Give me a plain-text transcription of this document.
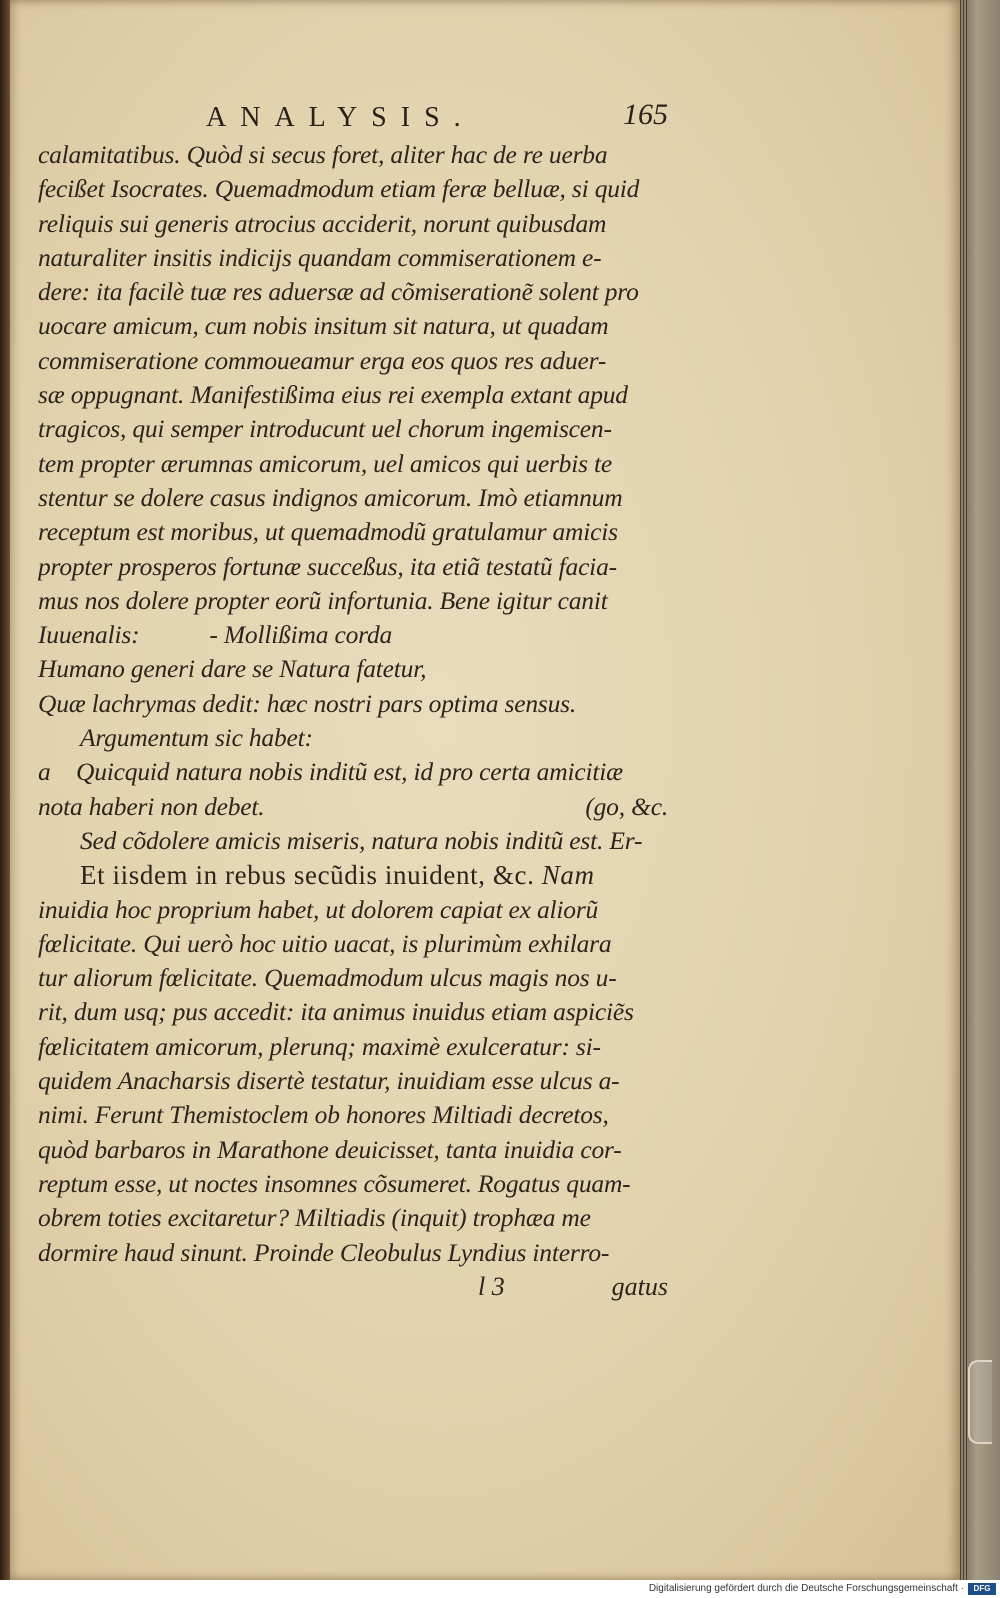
ANALYSIS.	165
calamitatibus. Quòd si secus foret, aliter hac de re uerba
fecißet Isocrates. Quemadmodum etiam feræ belluæ, si quid
reliquis sui generis atrocius acciderit, norunt quibusdam
naturaliter insitis indicijs quandam commiserationem e-
dere: ita facilè tuæ res aduersæ ad cõmiseratione͂ solent pro
uocare amicum, cum nobis insitum sit natura, ut quadam
commiseratione commoueamur erga eos quos res aduer-
sæ oppugnant. Manifestißima eius rei exempla extant apud
tragicos, qui semper introducunt uel chorum ingemiscen-
tem propter ærumnas amicorum, uel amicos qui uerbis te
stentur se dolere casus indignos amicorum. Imò etiamnum
receptum est moribus, ut quemadmodũ gratulamur amicis
propter prosperos fortunæ succeßus, ita etiã testatũ facia-
mus nos dolere propter eorũ infortunia. Bene igitur canit
Iuuenalis:	- Mollißima corda
Humano generi dare se Natura fatetur,
Quæ lachrymas dedit: hæc nostri pars optima sensus.
Argumentum sic habet:
a Quicquid natura nobis inditũ est, id pro certa amicitiæ
nota haberi non debet.	(go, &c.
Sed cõdolere amicis miseris, natura nobis inditũ est. Er-
Et iisdem in rebus secũdis inuident, &c. Nam
inuidia hoc proprium habet, ut dolorem capiat ex aliorũ
fœlicitate. Qui uerò hoc uitio uacat, is plurimùm exhilara
tur aliorum fœlicitate. Quemadmodum ulcus magis nos u-
rit, dum usq; pus accedit: ita animus inuidus etiam aspicie͂s
fœlicitatem amicorum, plerunq; maximè exulceratur: si-
quidem Anacharsis disertè testatur, inuidiam esse ulcus a-
nimi. Ferunt Themistoclem ob honores Miltiadi decretos,
quòd barbaros in Marathone deuicisset, tanta inuidia cor-
reptum esse, ut noctes insomnes cõsumeret. Rogatus quam-
obrem toties excitaretur? Miltiadis (inquit) trophæa me
dormire haud sinunt. Proinde Cleobulus Lyndius interro-
l 3	gatus
Digitalisierung gefördert durch die Deutsche Forschungsgemeinschaft ·	DFG
